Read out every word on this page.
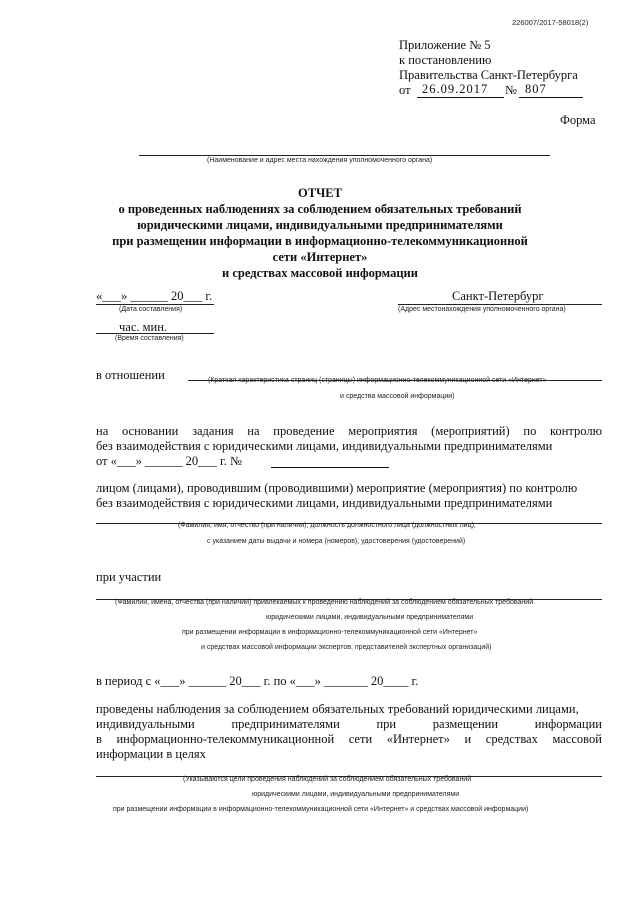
226007/2017-58018(2)
Приложение № 5
к постановлению
Правительства Санкт-Петербурга
от 26.09.2017 № 807
Форма
(Наименование и адрес места нахождения уполномоченного органа)
ОТЧЕТ
о проведенных наблюдениях за соблюдением обязательных требований
юридическими лицами, индивидуальными предпринимателями
при размещении информации в информационно-телекоммуникационной
сети «Интернет»
и средствах массовой информации
«___» ______ 20___ г.
(Дата составления)
Санкт-Петербург
(Адрес местонахождения уполномоченного органа)
час. мин.
(Время составления)
в отношении	(Краткая характеристика страниц (страницы) информационно-телекоммуникационной сети «Интернет»
и средства массовой информации)
на основании задания на проведение мероприятия (мероприятий) по контролю
без взаимодействия с юридическими лицами, индивидуальными предпринимателями
от «___» ______ 20___ г. №
лицом (лицами), проводившим (проводившими) мероприятие (мероприятия) по контролю
без взаимодействия с юридическими лицами, индивидуальными предпринимателями
(Фамилия, имя, отчество (при наличии), должность должностного лица (должностных лиц),
с указанием даты выдачи и номера (номеров), удостоверения (удостоверений)
при участии
(Фамилии, имена, отчества (при наличии) привлекаемых к проведению наблюдений за соблюдением обязательных требований
юридическими лицами, индивидуальными предпринимателями
при размещении информации в информационно-телекоммуникационной сети «Интернет»
и средствах массовой информации экспертов, представителей экспертных организаций)
в период с «___» ______ 20___ г. по «___» _______ 20____ г.
проведены наблюдения за соблюдением обязательных требований юридическими лицами,
индивидуальными	предпринимателями	при	размещении	информации
в информационно-телекоммуникационной сети «Интернет» и средствах массовой
информации в целях
(Указываются цели проведения наблюдений за соблюдением обязательных требований
юридическими лицами, индивидуальными предпринимателями
при размещении информации в информационно-телекоммуникационной сети «Интернет» и средствах массовой информации)
